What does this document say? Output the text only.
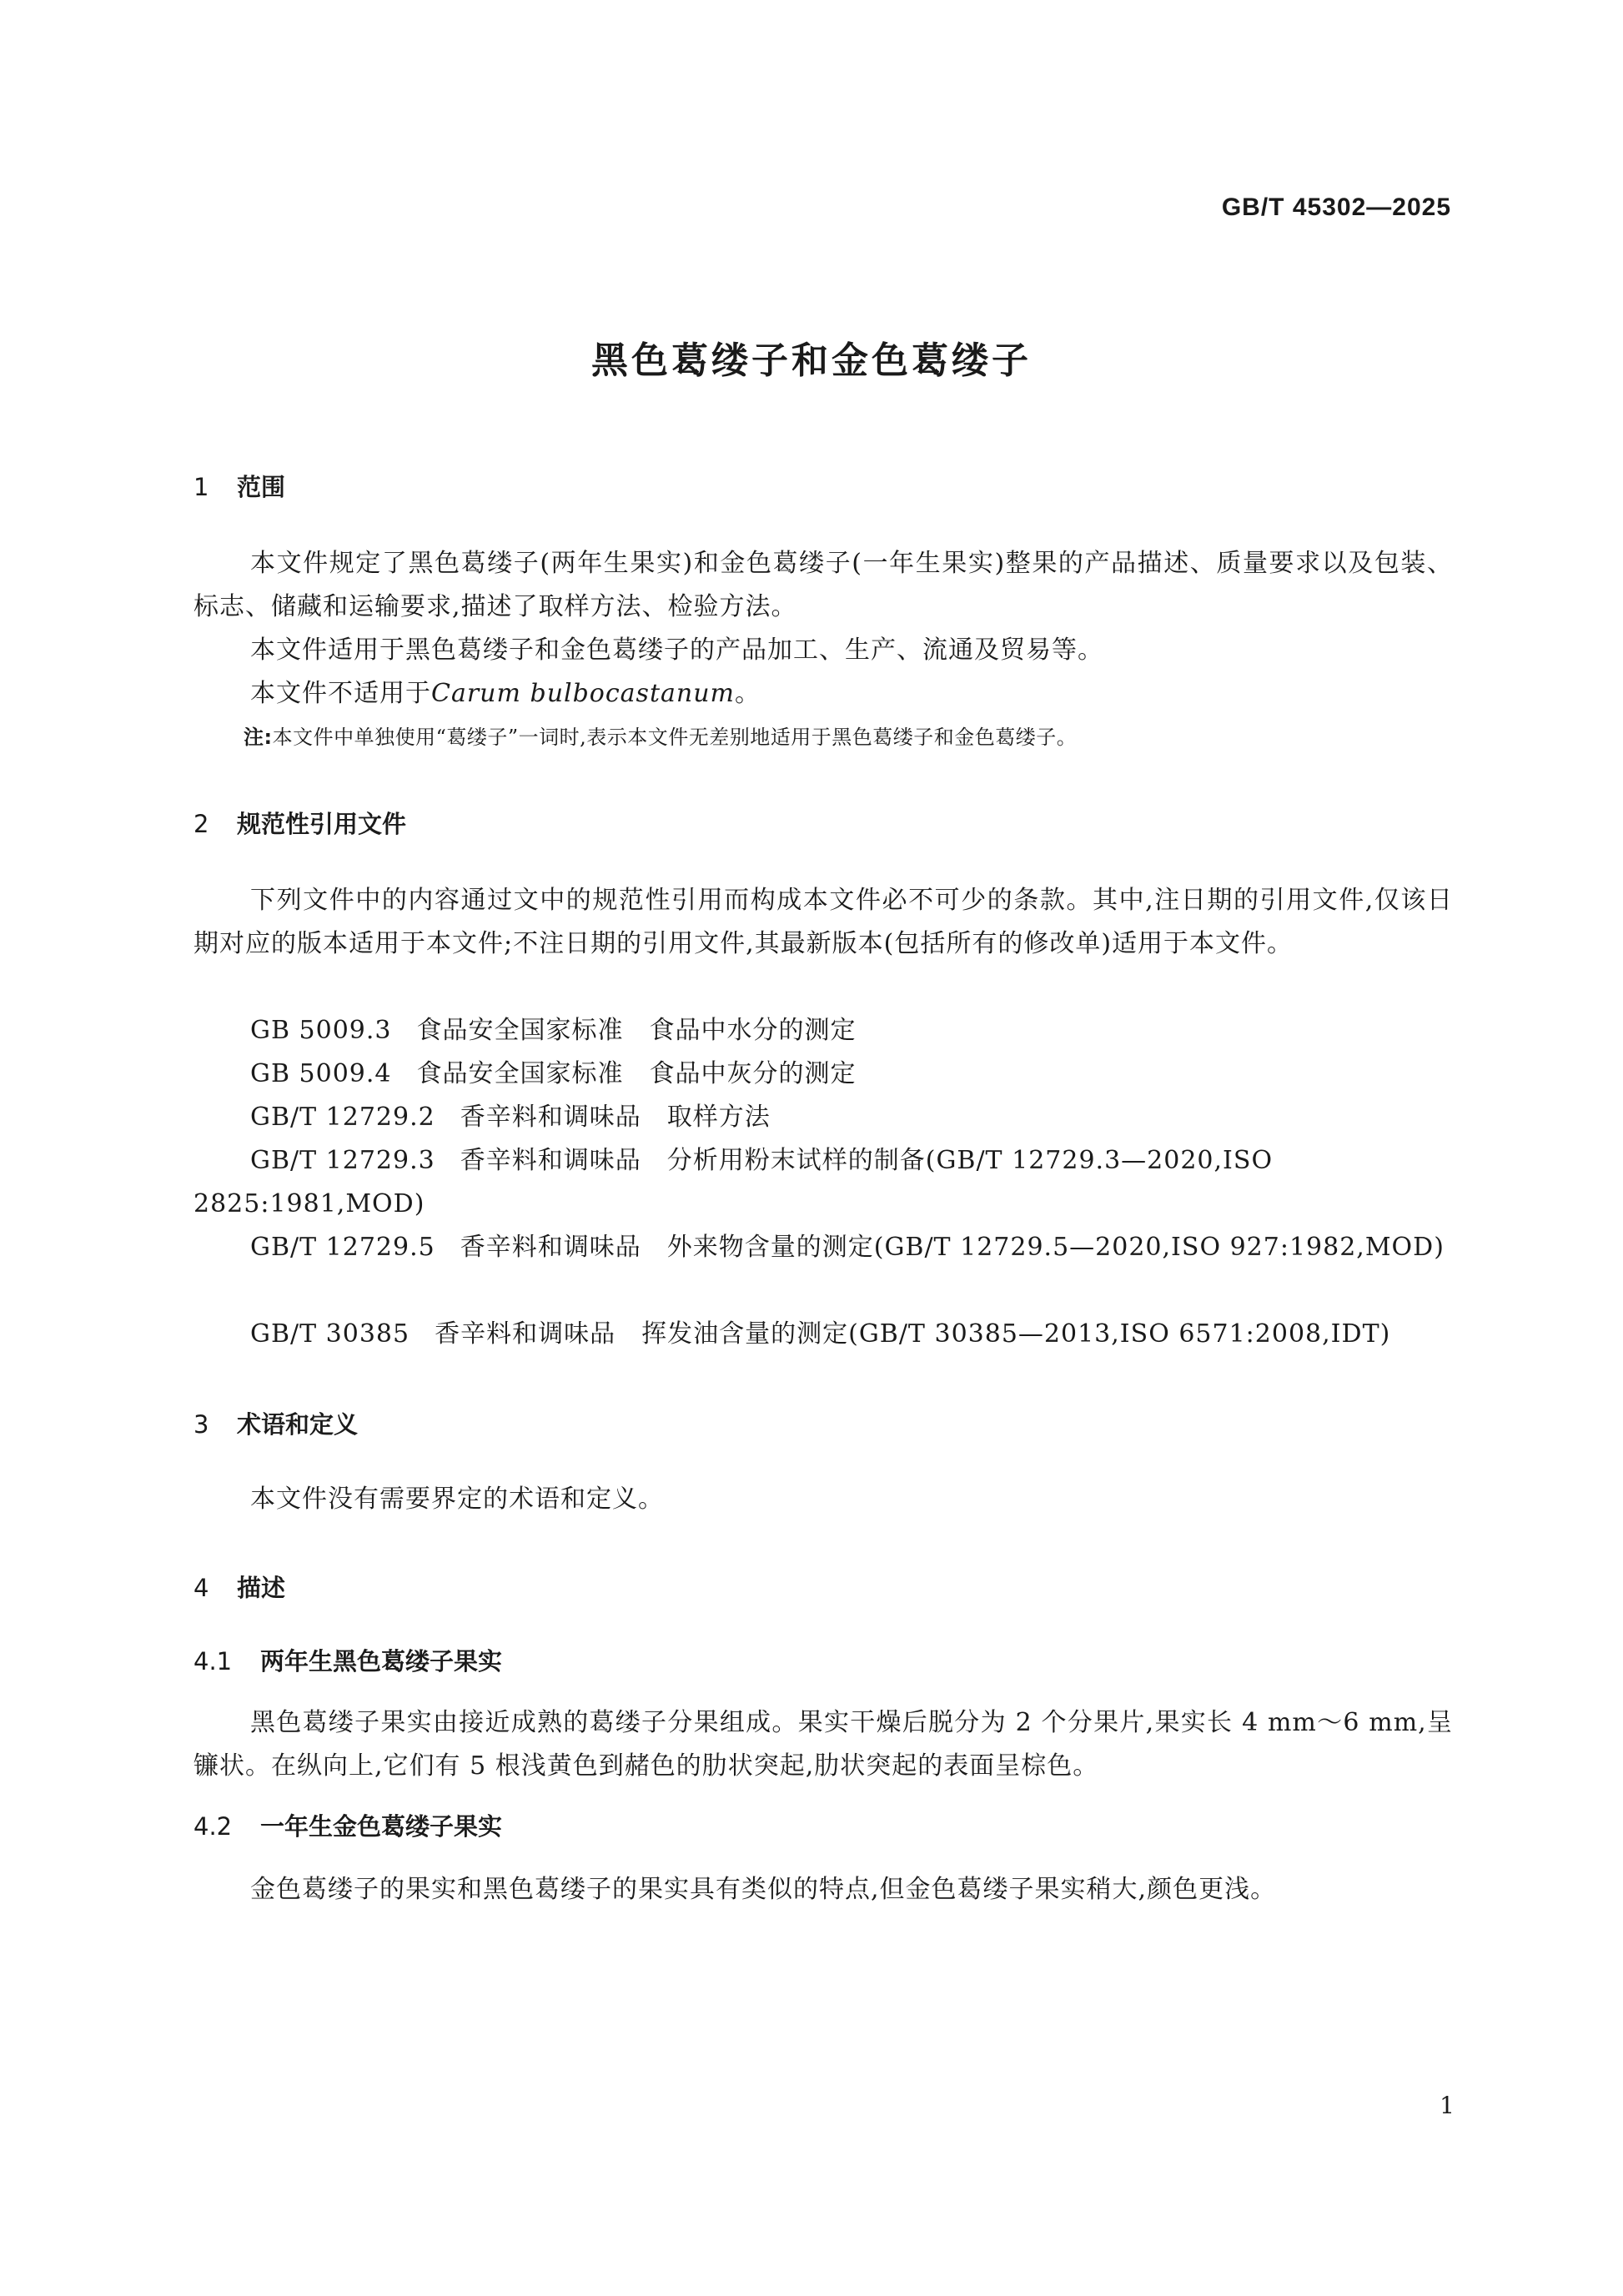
GB/T 45302—2025
黑色葛缕子和金色葛缕子
1 范围
本文件规定了黑色葛缕子(两年生果实)和金色葛缕子(一年生果实)整果的产品描述、质量要求以及包装、标志、储藏和运输要求,描述了取样方法、检验方法。
本文件适用于黑色葛缕子和金色葛缕子的产品加工、生产、流通及贸易等。
本文件不适用于Carum bulbocastanum。
注:本文件中单独使用“葛缕子”一词时,表示本文件无差别地适用于黑色葛缕子和金色葛缕子。
2 规范性引用文件
下列文件中的内容通过文中的规范性引用而构成本文件必不可少的条款。其中,注日期的引用文件,仅该日期对应的版本适用于本文件;不注日期的引用文件,其最新版本(包括所有的修改单)适用于本文件。
GB 5009.3 食品安全国家标准　食品中水分的测定
GB 5009.4 食品安全国家标准　食品中灰分的测定
GB/T 12729.2 香辛料和调味品　取样方法
GB/T 12729.3 香辛料和调味品　分析用粉末试样的制备(GB/T 12729.3—2020,ISO 2825:1981,MOD)
GB/T 12729.5 香辛料和调味品　外来物含量的测定(GB/T 12729.5—2020,ISO 927:1982,MOD)
GB/T 30385 香辛料和调味品　挥发油含量的测定(GB/T 30385—2013,ISO 6571:2008,IDT)
3 术语和定义
本文件没有需要界定的术语和定义。
4 描述
4.1 两年生黑色葛缕子果实
黑色葛缕子果实由接近成熟的葛缕子分果组成。果实干燥后脱分为 2 个分果片,果实长 4 mm～6 mm,呈镰状。在纵向上,它们有 5 根浅黄色到赭色的肋状突起,肋状突起的表面呈棕色。
4.2 一年生金色葛缕子果实
金色葛缕子的果实和黑色葛缕子的果实具有类似的特点,但金色葛缕子果实稍大,颜色更浅。
1
